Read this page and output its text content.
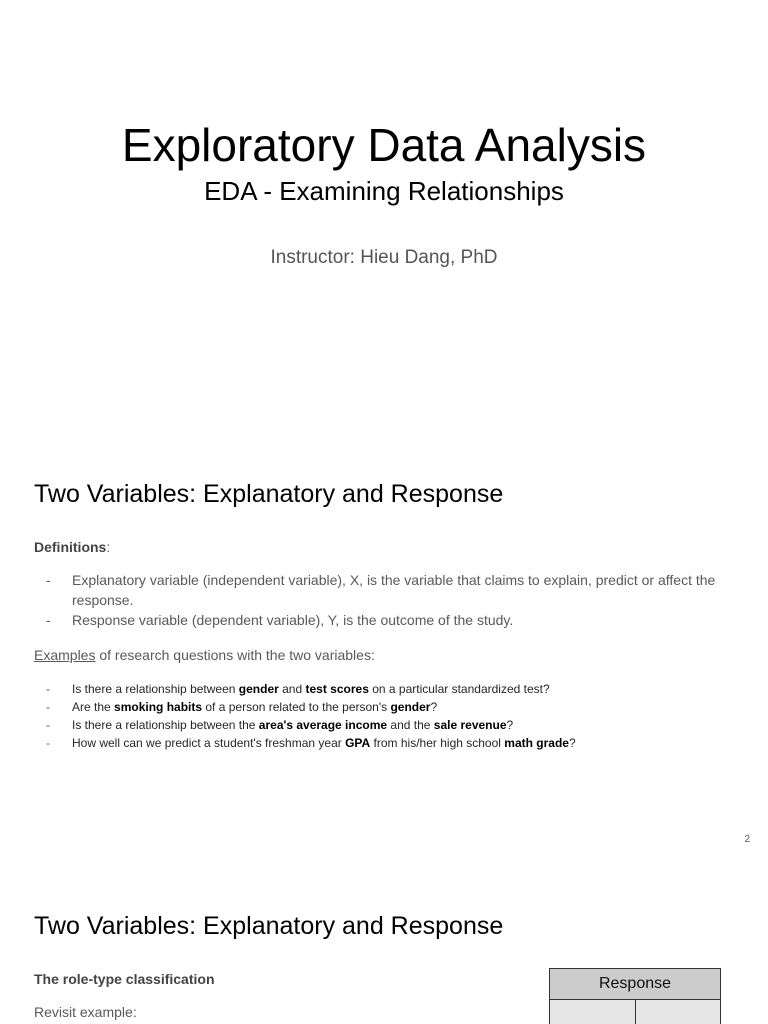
Exploratory Data Analysis
EDA - Examining Relationships
Instructor: Hieu Dang, PhD
Two Variables: Explanatory and Response
Definitions:
- Explanatory variable (independent variable), X, is the variable that claims to explain, predict or affect the response.
- Response variable (dependent variable), Y, is the outcome of the study.
Examples of research questions with the two variables:
- Is there a relationship between gender and test scores on a particular standardized test?
- Are the smoking habits of a person related to the person's gender?
- Is there a relationship between the area's average income and the sale revenue?
- How well can we predict a student's freshman year GPA from his/her high school math grade?
2
Two Variables: Explanatory and Response
The role-type classification
Revisit example:
Response
